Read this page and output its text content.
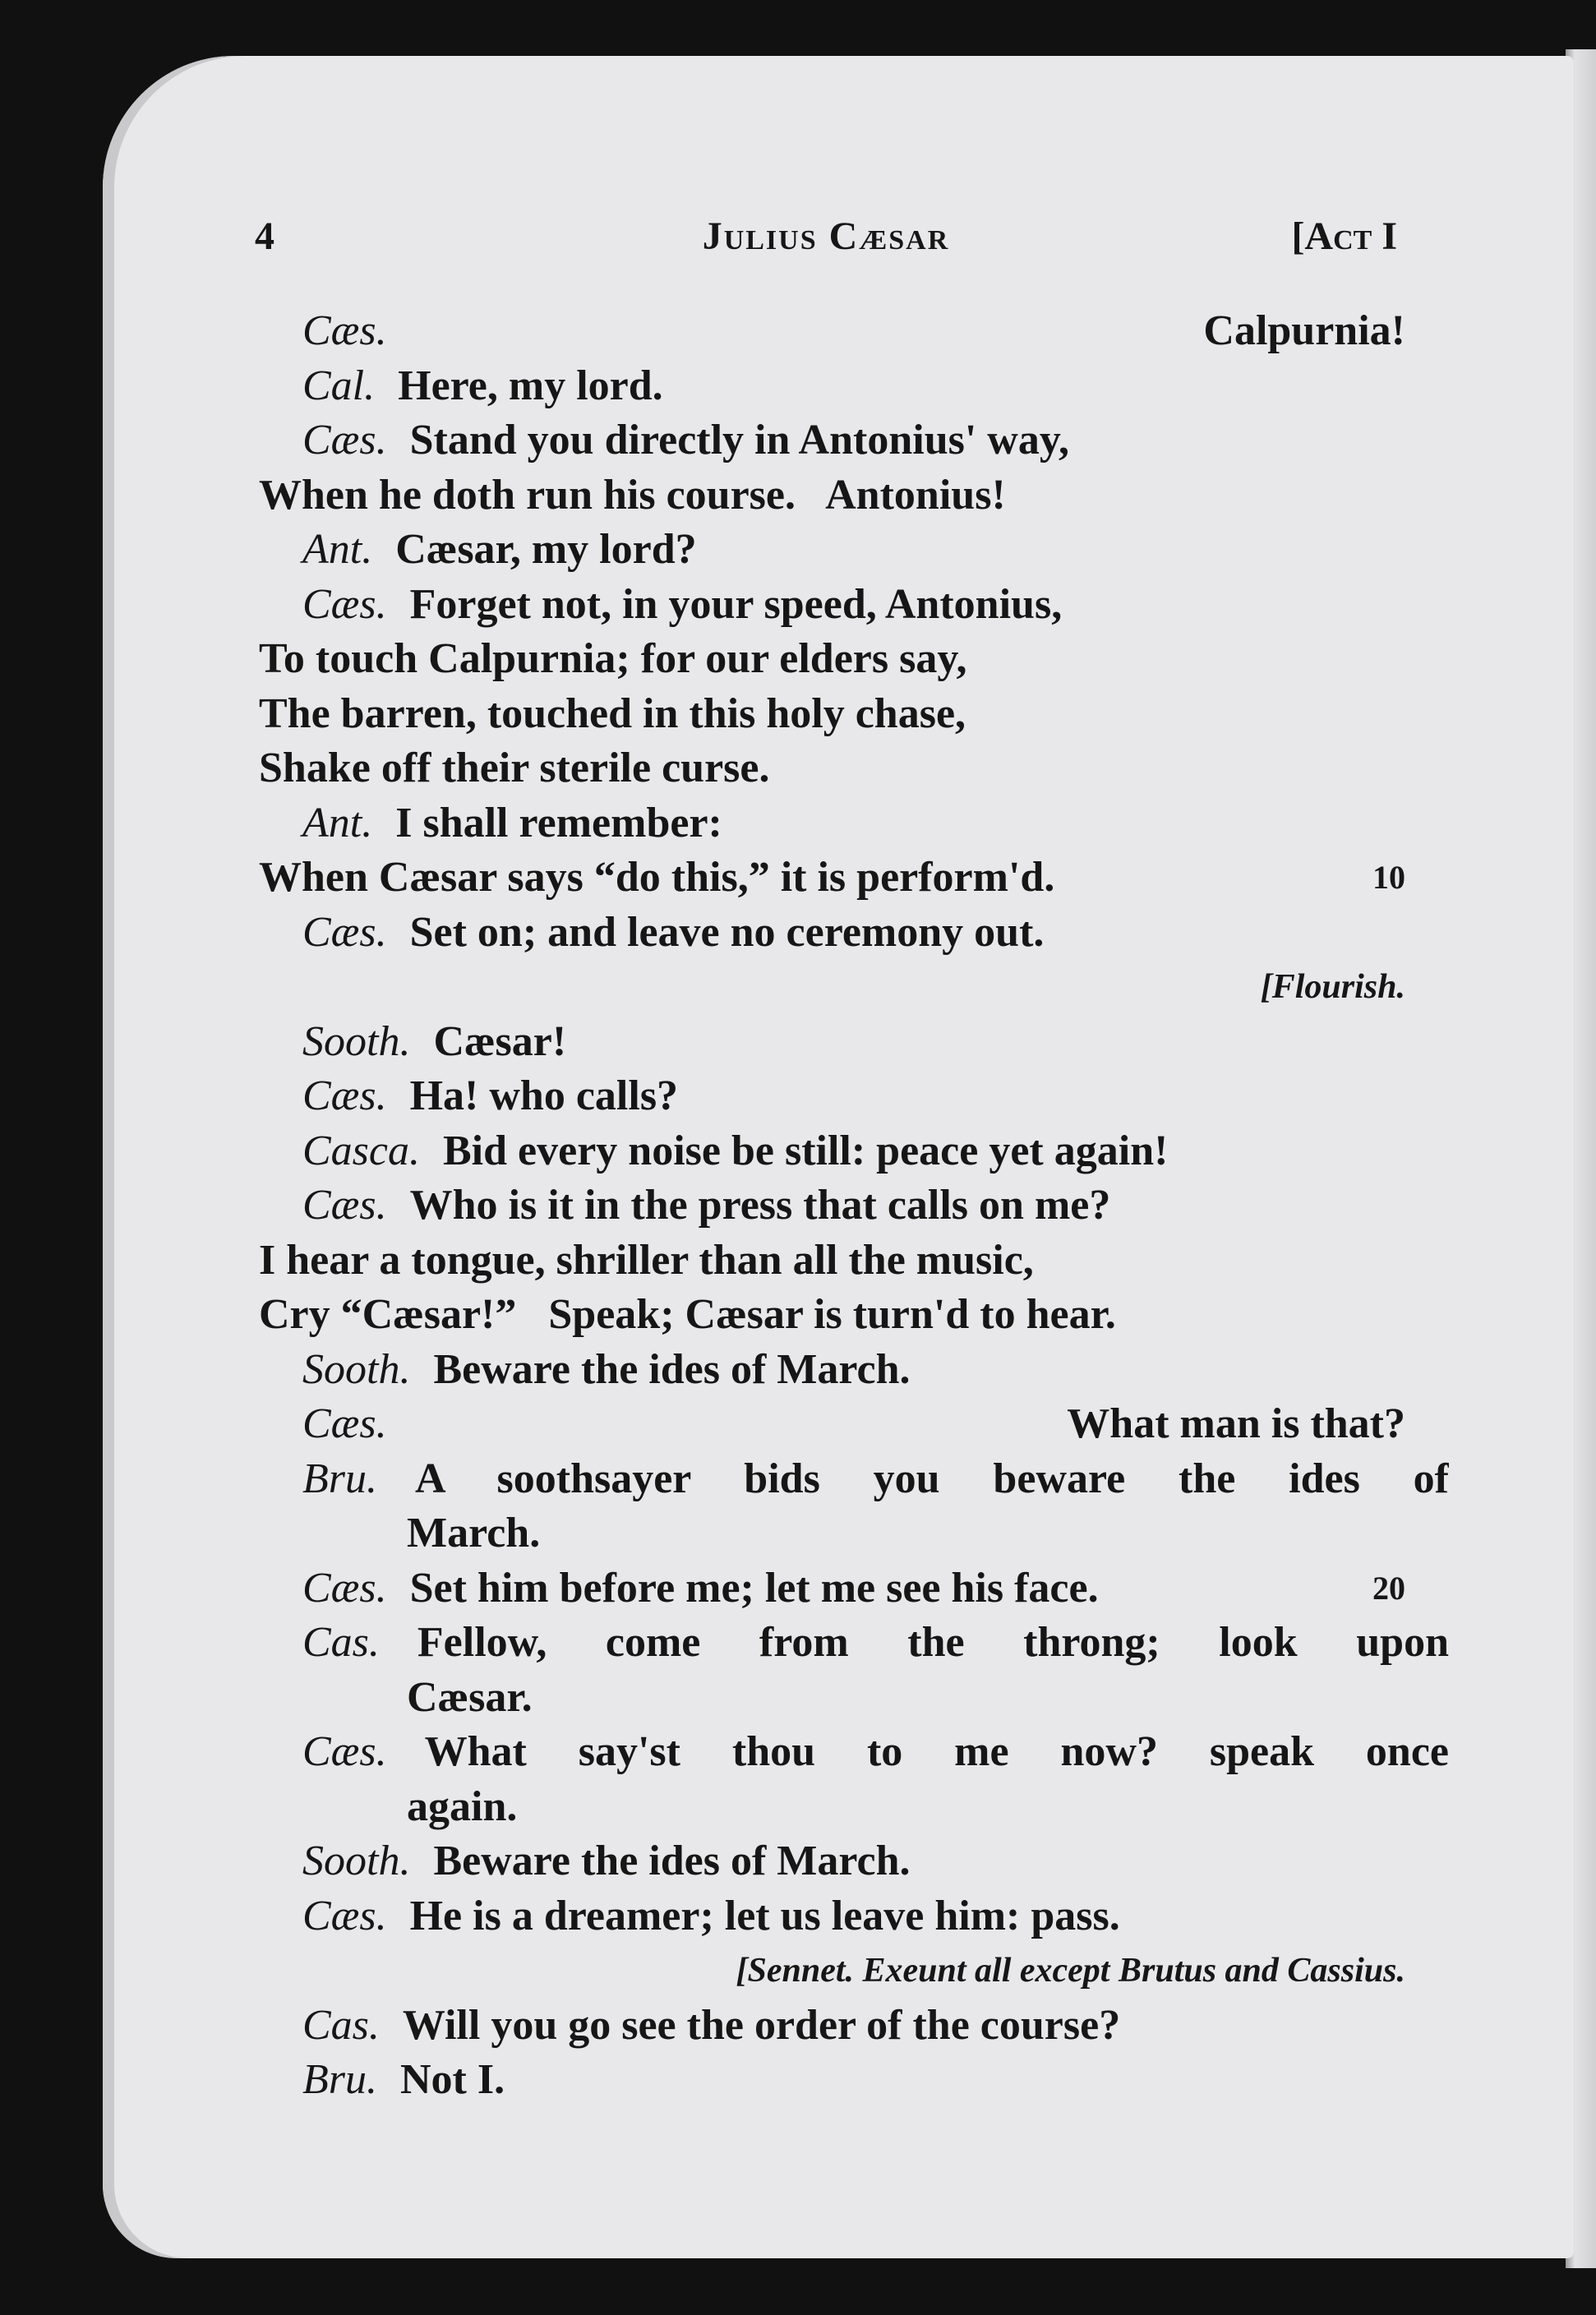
4	Julius Cæsar	[Act I
Cæs.	Calpurnia!
Cal. Here, my lord.
Cæs. Stand you directly in Antonius' way,
When he doth run his course.   Antonius!
Ant. Cæsar, my lord?
Cæs. Forget not, in your speed, Antonius,
To touch Calpurnia; for our elders say,
The barren, touched in this holy chase,
Shake off their sterile curse.
Ant. I shall remember:
When Cæsar says “do this,” it is perform'd.	10
Cæs. Set on; and leave no ceremony out.
[Flourish.
Sooth. Cæsar!
Cæs. Ha! who calls?
Casca. Bid every noise be still: peace yet again!
Cæs. Who is it in the press that calls on me?
I hear a tongue, shriller than all the music,
Cry “Cæsar!”   Speak; Cæsar is turn'd to hear.
Sooth. Beware the ides of March.
Cæs.	What man is that?
Bru. A soothsayer bids you beware the ides of
March.
Cæs. Set him before me; let me see his face.	20
Cas. Fellow, come from the throng; look upon
Cæsar.
Cæs. What say'st thou to me now? speak once
again.
Sooth. Beware the ides of March.
Cæs. He is a dreamer; let us leave him: pass.
[Sennet. Exeunt all except Brutus and Cassius.
Cas. Will you go see the order of the course?
Bru. Not I.
